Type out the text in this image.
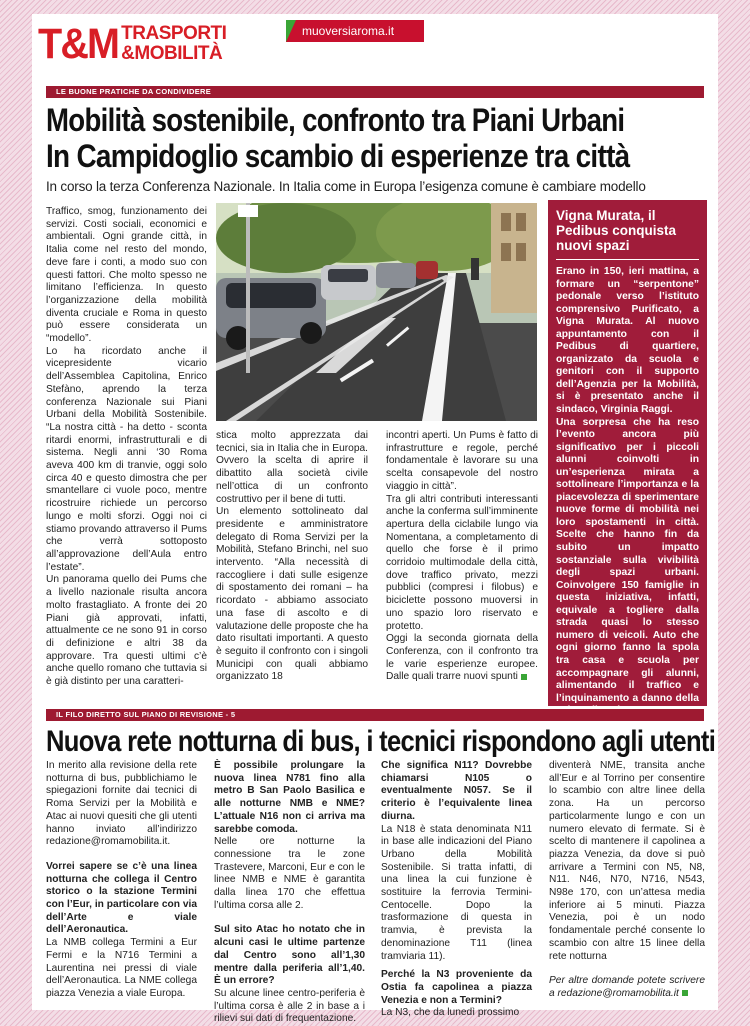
T&M TRASPORTI
&MOBILITÀ
muoversiaroma.it
LE BUONE PRATICHE DA CONDIVIDERE
Mobilità sostenibile, confronto tra Piani Urbani
In Campidoglio scambio di esperienze tra città
In corso la terza Conferenza Nazionale. In Italia come in Europa l’esigenza comune è cambiare modello

Traffico, smog, funzionamento dei servizi. Costi sociali, economici e ambientali. Ogni grande città, in Italia come nel resto del mondo, deve fare i conti, a modo suo con questi fattori. Che molto spesso ne limitano l’efficienza. In questo l’organizzazione della mobilità diventa cruciale e Roma in questo può essere considerata un “modello”.

Lo ha ricordato anche il vicepresidente vicario dell’Assemblea Capitolina, Enrico Stefàno, aprendo la terza conferenza Nazionale sui Piani Urbani della Mobilità Sostenibile. “La nostra città - ha detto - sconta ritardi enormi, infrastrutturali e di sistema. Negli anni ‘30 Roma aveva 400 km di tranvie, oggi solo circa 40 e questo dimostra che per smantellare ci vuole poco, mentre ricostruire richiede un percorso lungo e molti sforzi. Oggi noi ci stiamo provando attraverso il Pums che verrà sottoposto all’approvazione dell’Aula entro l’estate”.

Un panorama quello dei Pums che a livello nazionale risulta ancora molto frastagliato. A fronte dei 20 Piani già approvati, infatti, attualmente ce ne sono 91 in corso di definizione e altri 38 da approvare. Tra questi ultimi c’è anche quello romano che tuttavia si è già distinto per una caratteri-

stica molto apprezzata dai tecnici, sia in Italia che in Europa. Ovvero la scelta di aprire il dibattito alla società civile nell’ottica di un confronto costruttivo per il bene di tutti.

Un elemento sottolineato dal presidente e amministratore delegato di Roma Servizi per la Mobilità, Stefano Brinchi, nel suo intervento. “Alla necessità di raccogliere i dati sulle esigenze di spostamento dei romani – ha ricordato - abbiamo associato una fase di ascolto e di valutazione delle proposte che ha dato risultati importanti. A questo è seguito il confronto con i singoli Municipi con quali abbiamo organizzato 18

incontri aperti. Un Pums è fatto di infrastrutture e regole, perché fondamentale è lavorare su una scelta consapevole del nostro viaggio in città”.

Tra gli altri contributi interessanti anche la conferma sull’imminente apertura della ciclabile lungo via Nomentana, a completamento di quello che forse è il primo corridoio multimodale della città, dove traffico privato, mezzi pubblici (compresi i filobus) e biciclette possono muoversi in uno spazio loro riservato e protetto.

Oggi la seconda giornata della Conferenza, con il confronto tra le varie esperienze europee. Dalle quali trarre nuovi spunti

Vigna Murata, il Pedibus conquista nuovi spazi

Erano in 150, ieri mattina, a formare un “serpentone” pedonale verso l’istituto comprensivo Purificato, a Vigna Murata. Al nuovo appuntamento con il Pedibus di quartiere, organizzato da scuola e genitori con il supporto dell’Agenzia per la Mobilità, si è presentato anche il sindaco, Virginia Raggi.

Una sorpresa che ha reso l’evento ancora più significativo per i piccoli alunni coinvolti in un’esperienza mirata a sottolineare l’importanza e la piacevolezza di sperimentare nuove forme di mobilità nei loro spostamenti in città. Scelte che hanno fin da subito un impatto sostanziale sulla vivibilità degli spazi urbani. Coinvolgere 150 famiglie in questa iniziativa, infatti, equivale a togliere dalla strada quasi lo stesso numero di veicoli. Auto che ogni giorno fanno la spola tra casa e scuola per accompagnare gli alunni, alimentando il traffico e l’inquinamento a danno della

IL FILO DIRETTO SUL PIANO DI REVISIONE - 5
Nuova rete notturna di bus, i tecnici rispondono agli utenti

In merito alla revisione della rete notturna di bus, pubblichiamo le spiegazioni fornite dai tecnici di Roma Servizi per la Mobilità e Atac ai nuovi quesiti che gli utenti hanno inviato all’indirizzo redazione@romamobilita.it.

Vorrei sapere se c’è una linea notturna che collega il Centro storico o la stazione Termini con l’Eur, in particolare con via dell’Arte e viale dell’Aeronautica.

La NMB collega Termini a Eur Fermi e la N716 Termini a Laurentina nei pressi di viale dell’Aeronautica. La NME collega piazza Venezia a viale Europa.

È possibile prolungare la nuova linea N781 fino alla metro B San Paolo Basilica e alle notturne NMB e NME? L’attuale N16 non ci arriva ma sarebbe comoda.

Nelle ore notturne la connessione tra le zone Trastevere, Marconi, Eur e con le linee NMB e NME è garantita dalla linea 170 che effettua l’ultima corsa alle 2.

Sul sito Atac ho notato che in alcuni casi le ultime partenze dal Centro sono all’1,30 mentre dalla periferia all’1,40. È un errore?

Su alcune linee centro-periferia è l’ultima corsa è alle 2 in base a i rilievi sui dati di frequentazione.

Che significa N11? Dovrebbe chiamarsi N105 o eventualmente N057. Se il criterio è l’equivalente linea diurna.

La N18 è stata denominata N11 in base alle indicazioni del Piano Urbano della Mobilità Sostenibile. Si tratta infatti, di una linea la cui funzione è sostituire la ferrovia Termini-Centocelle. Dopo la trasformazione di questa in tramvia, è prevista la denominazione T11 (linea tramviaria 11).

Perché la N3 proveniente da Ostia fa capolinea a piazza Venezia e non a Termini?

La N3, che da lunedì prossimo

diventerà NME, transita anche all’Eur e al Torrino per consentire lo scambio con altre linee della zona. Ha un percorso particolarmente lungo e con un numero elevato di fermate. Si è scelto di mantenere il capolinea a piazza Venezia, da dove si può arrivare a Termini con N5, N8, N11. N46, N70, N716, N543, N98e 170, con un’attesa media inferiore ai 5 minuti. Piazza Venezia, poi è un nodo fondamentale perché consente lo scambio con altre 15 linee della rete notturna

Per altre domande potete scrivere a redazione@romamobilita.it
